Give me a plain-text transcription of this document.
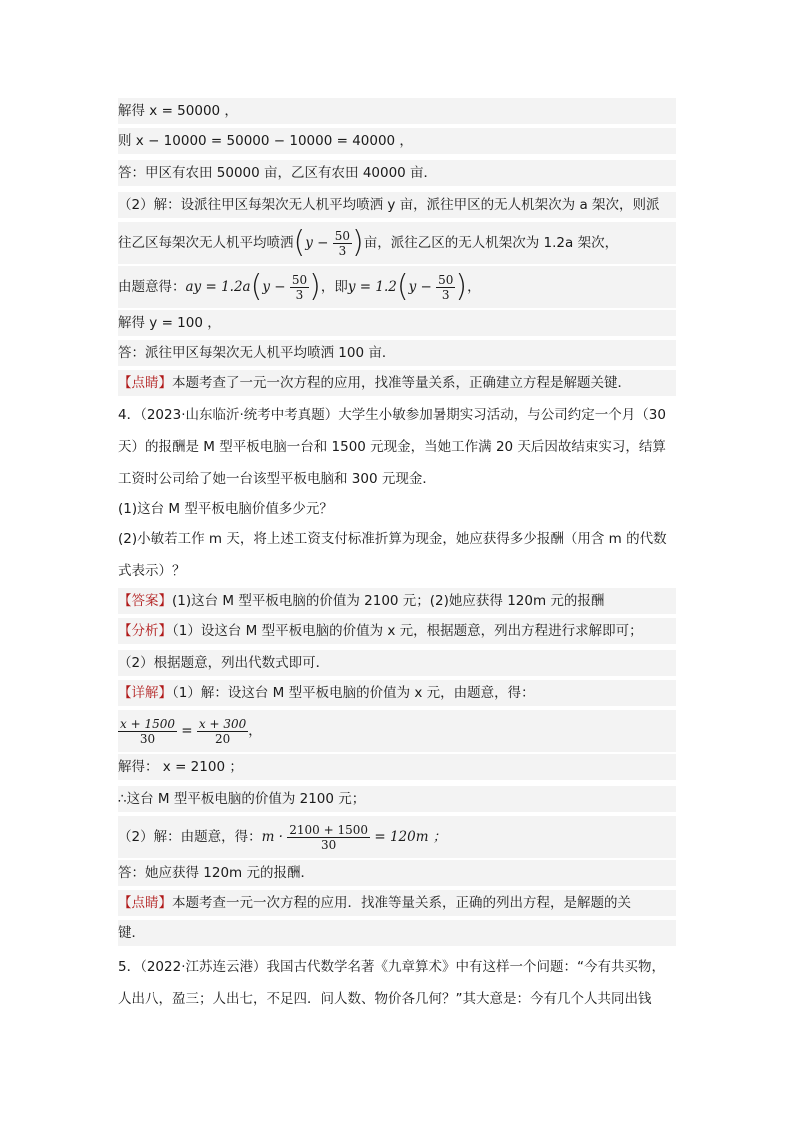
解得 x = 50000 ，
则 x − 10000 = 50000 − 10000 = 40000 ，
答：甲区有农田 50000 亩，乙区有农田 40000 亩．
（2）解：设派往甲区每架次无人机平均喷洒 y 亩，派往甲区的无人机架次为 a 架次，则派
往乙区每架次无人机平均喷洒($y - \frac{50}{3}$ )亩，派往乙区的无人机架次为 1.2a 架次，
由题意得：ay = $1.2a(y - \frac{50}{3}$ )，即$y = 1.2(y - \frac{50}{3}$ )，
解得 y = 100 ，
答：派往甲区每架次无人机平均喷洒 100 亩．
【点睛】本题考查了一元一次方程的应用，找准等量关系，正确建立方程是解题关键．
4．（2023·山东临沂·统考中考真题）大学生小敏参加暑期实习活动，与公司约定一个月（30
天）的报酬是 M 型平板电脑一台和 1500 元现金，当她工作满 20 天后因故结束实习，结算
工资时公司给了她一台该型平板电脑和 300 元现金．
(1)这台 M 型平板电脑价值多少元？
(2)小敏若工作 m 天，将上述工资支付标准折算为现金，她应获得多少报酬（用含 m 的代数
式表示）？
【答案】(1)这台 M 型平板电脑的价值为 2100 元；(2)她应获得 120m 元的报酬
【分析】（1）设这台 M 型平板电脑的价值为 x 元，根据题意，列出方程进行求解即可；
（2）根据题意，列出代数式即可．
【详解】（1）解：设这台 M 型平板电脑的价值为 x 元，由题意，得：
$\frac{x + 1500}{30} = \frac{x + 300}{20}$ ，
解得： x = 2100 ；
∴这台 M 型平板电脑的价值为 2100 元；
（2）解：由题意，得：$m \cdot \frac{2100 + 1500}{30} = 120m$ ；
答：她应获得 120m 元的报酬．
【点睛】本题考查一元一次方程的应用．找准等量关系，正确的列出方程，是解题的关
键．
5．（2022·江苏连云港）我国古代数学名著《九章算术》中有这样一个问题：“今有共买物，
人出八，盈三；人出七，不足四．问人数、物价各几何？”其大意是：今有几个人共同出钱
